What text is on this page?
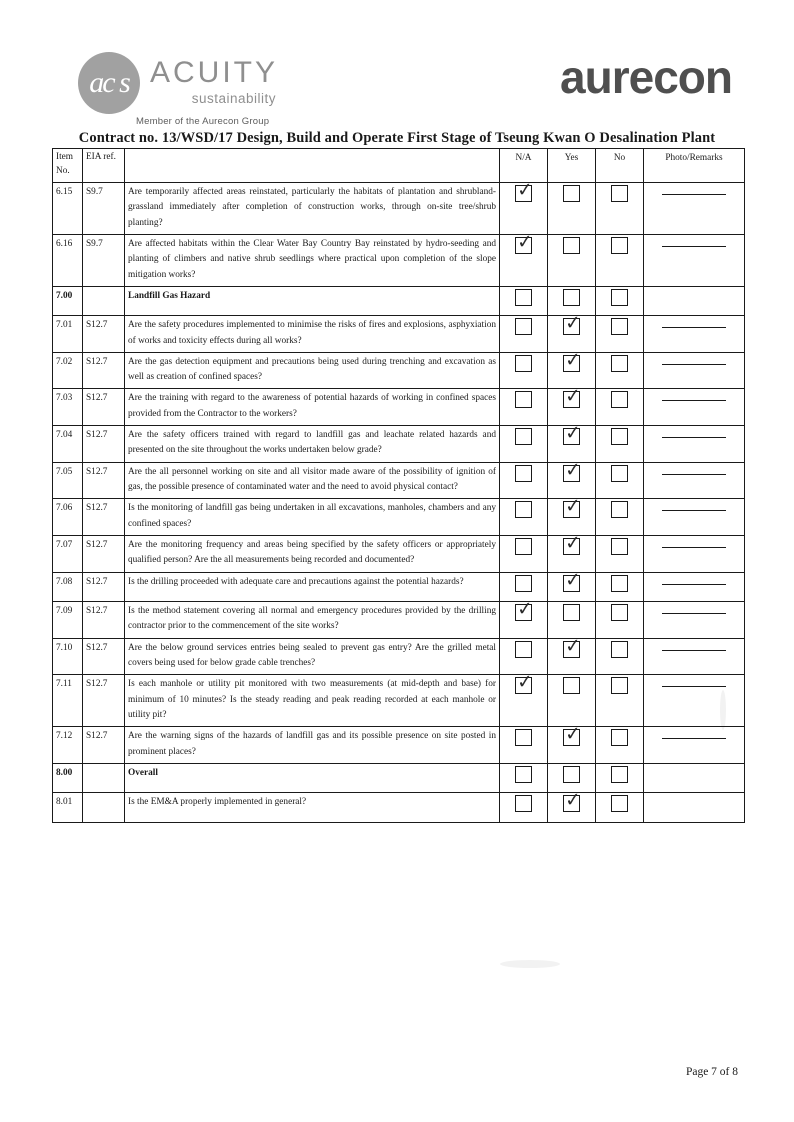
ac s ACUITY
sustainability
Member of the Aurecon Group
aurecon
Contract no. 13/WSD/17 Design, Build and Operate First Stage of Tseung Kwan O Desalination Plant
Item
No.	EIA ref.		N/A	Yes	No	Photo/Remarks
6.15	S9.7	Are temporarily affected areas reinstated, particularly the habitats of plantation and shrubland-grassland immediately after completion of construction works, through on-site tree/shrub planting?	✓			

6.16	S9.7	Are affected habitats within the Clear Water Bay Country Bay reinstated by hydro-seeding and planting of climbers and native shrub seedlings where practical upon completion of the slope mitigation works?	✓			

7.00		Landfill Gas Hazard				
7.01	S12.7	Are the safety procedures implemented to minimise the risks of fires and explosions, asphyxiation of works and toxicity effects during all works?		✓		

7.02	S12.7	Are the gas detection equipment and precautions being used during trenching and excavation as well as creation of confined spaces?		✓		

7.03	S12.7	Are the training with regard to the awareness of potential hazards of working in confined spaces provided from the Contractor to the workers?		✓		

7.04	S12.7	Are the safety officers trained with regard to landfill gas and leachate related hazards and presented on the site throughout the works undertaken below grade?		✓		

7.05	S12.7	Are the all personnel working on site and all visitor made aware of the possibility of ignition of gas, the possible presence of contaminated water and the need to avoid physical contact?		✓		

7.06	S12.7	Is the monitoring of landfill gas being undertaken in all excavations, manholes, chambers and any confined spaces?		✓		

7.07	S12.7	Are the monitoring frequency and areas being specified by the safety officers or appropriately qualified person? Are the all measurements being recorded and documented?		✓		

7.08	S12.7	Is the drilling proceeded with adequate care and precautions against the potential hazards?		✓		

7.09	S12.7	Is the method statement covering all normal and emergency procedures provided by the drilling contractor prior to the commencement of the site works?	✓			

7.10	S12.7	Are the below ground services entries being sealed to prevent gas entry? Are the grilled metal covers being used for below grade cable trenches?		✓		

7.11	S12.7	Is each manhole or utility pit monitored with two measurements (at mid-depth and base) for minimum of 10 minutes? Is the steady reading and peak reading recorded at each manhole or utility pit?	✓			

7.12	S12.7	Are the warning signs of the hazards of landfill gas and its possible presence on site posted in prominent places?		✓		

8.00		Overall				
8.01		Is the EM&A properly implemented in general?		✓		

Page 7 of 8
